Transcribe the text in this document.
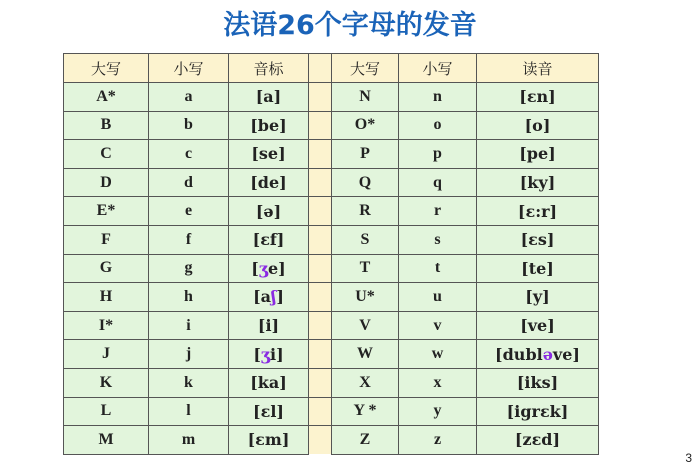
法语26个字母的发音
大写	小写	音标		大写	小写	读音
A*	a	[a]		N	n	[ɛn]
B	b	[be]		O*	o	[o]
C	c	[se]		P	p	[pe]
D	d	[de]		Q	q	[ky]
E*	e	[ə]		R	r	[ɛ:r]
F	f	[ɛf]		S	s	[ɛs]
G	g	[ʒe]		T	t	[te]
H	h	[aʃ]		U*	u	[y]
I*	i	[i]		V	v	[ve]
J	j	[ʒi]		W	w	[dubləve]
K	k	[ka]		X	x	[iks]
L	l	[ɛl]		Y *	y	[igrɛk]
M	m	[ɛm]		Z	z	[zɛd]
3
